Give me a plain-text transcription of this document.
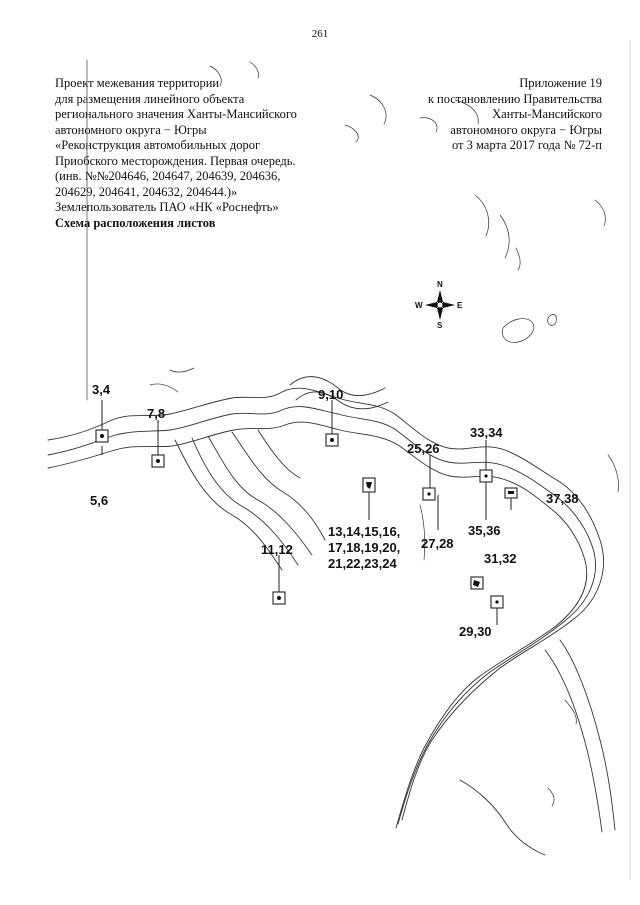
261
Проект межевания территории
для размещения линейного объекта
регионального значения Ханты-Мансийского
автономного округа − Югры
«Реконструкция автомобильных дорог
Приобского месторождения. Первая очередь.
(инв. №№204646, 204647, 204639, 204636,
204629, 204641, 204632, 204644.)»
Землепользователь ПАО «НК «Роснефть»
Схема расположения листов
Приложение 19
к постановлению Правительства
Ханты-Мансийского
автономного округа − Югры
от 3 марта 2017 года № 72-п
N
S
E
W
3,4
5,6
7,8
9,10
11,12
13,14,15,16,
17,18,19,20,
21,22,23,24
25,26
27,28
29,30
31,32
33,34
35,36
37,38
